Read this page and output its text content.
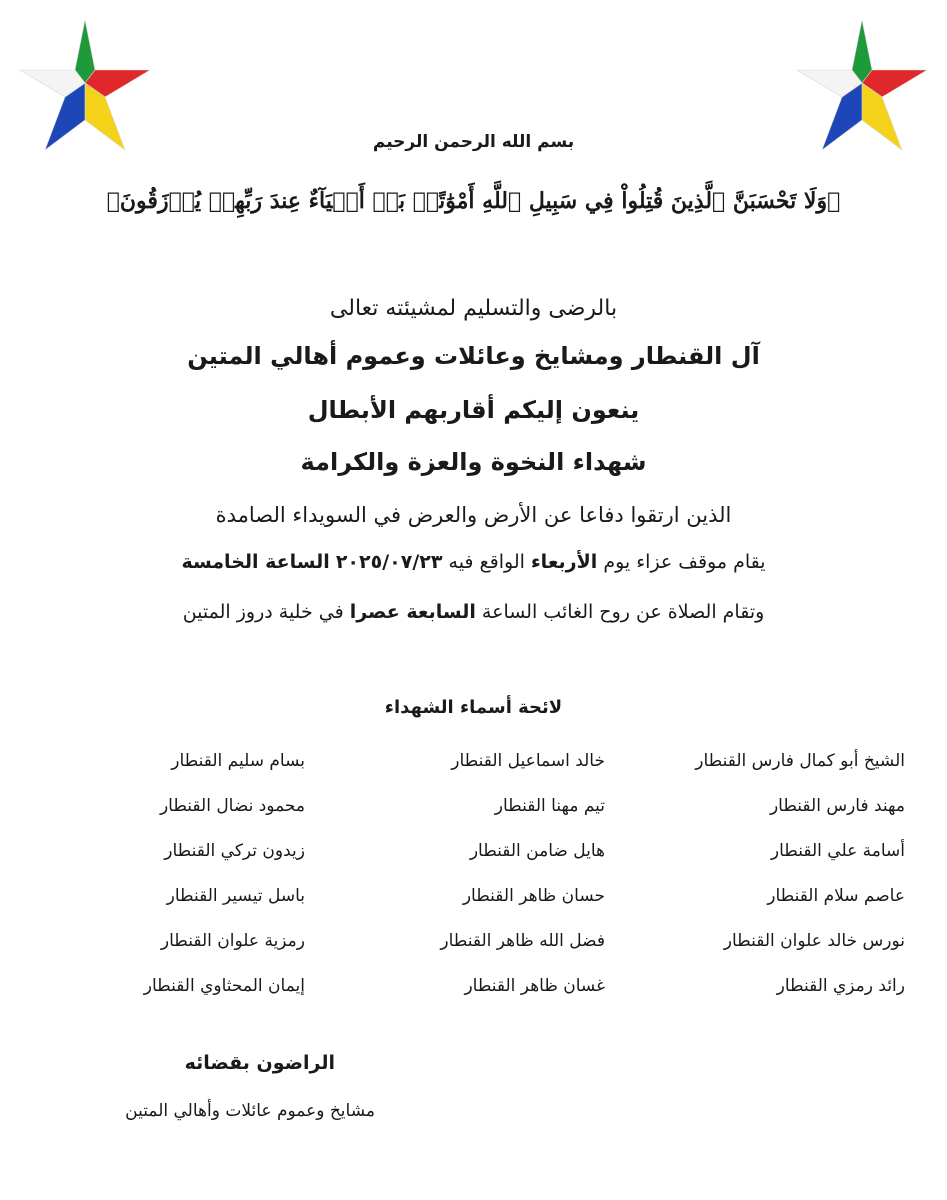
بسم الله الرحمن الرحيم
﴿وَلَا تَحْسَبَنَّ ٱلَّذِينَ قُتِلُواْ فِي سَبِيلِ ٱللَّهِ أَمْوَٰتًاۚ بَلۡ أَحۡيَآءٌ عِندَ رَبِّهِمۡ يُرۡزَقُونَ﴾
بالرضى والتسليم لمشيئته تعالى
آل القنطار ومشايخ وعائلات وعموم أهالي المتين
ينعون إليكم أقاربهم الأبطال
شهداء النخوة والعزة والكرامة
الذين ارتقوا دفاعا عن الأرض والعرض في السويداء الصامدة
يقام موقف عزاء يوم الأربعاء الواقع فيه ٢٠٢٥/٠٧/٢٣ الساعة الخامسة
وتقام الصلاة عن روح الغائب الساعة السابعة عصرا في خلية دروز المتين
لائحة أسماء الشهداء
الشيخ أبو كمال فارس القنطار
خالد اسماعيل القنطار
بسام سليم القنطار
مهند فارس القنطار
تيم مهنا القنطار
محمود نضال القنطار
أسامة علي القنطار
هايل ضامن القنطار
زيدون تركي القنطار
عاصم سلام القنطار
حسان ظاهر القنطار
باسل تيسير القنطار
نورس خالد علوان القنطار
فضل الله ظاهر القنطار
رمزية علوان القنطار
رائد رمزي القنطار
غسان ظاهر القنطار
إيمان المحثاوي القنطار
الراضون بقضائه
مشايخ وعموم عائلات وأهالي المتين
